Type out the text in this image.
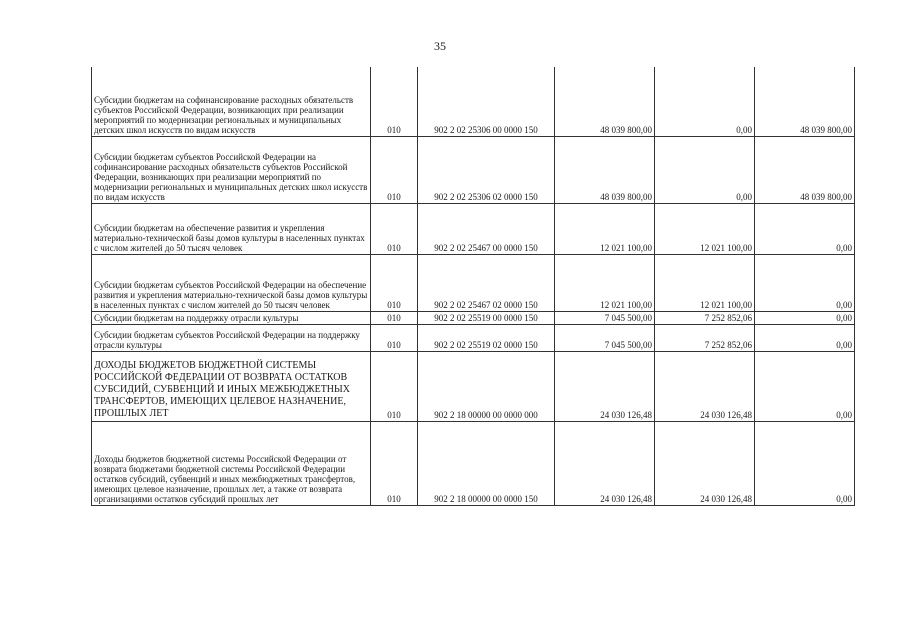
35
Субсидии бюджетам на софинансирование расходных обязательств субъектов Российской Федерации, возникающих при реализации мероприятий по модернизации региональных и муниципальных детских школ искусств по видам искусств	010	902 2 02 25306 00 0000 150	48 039 800,00	0,00	48 039 800,00
Субсидии бюджетам субъектов Российской Федерации на софинансирование расходных обязательств субъектов Российской Федерации, возникающих при реализации мероприятий по модернизации региональных и муниципальных детских школ искусств по видам искусств	010	902 2 02 25306 02 0000 150	48 039 800,00	0,00	48 039 800,00
Субсидии бюджетам на обеспечение развития и укрепления материально-технической базы домов культуры в населенных пунктах с числом жителей до 50 тысяч человек	010	902 2 02 25467 00 0000 150	12 021 100,00	12 021 100,00	0,00
Субсидии бюджетам субъектов Российской Федерации на обеспечение развития и укрепления материально-технической базы домов культуры в населенных пунктах с числом жителей до 50 тысяч человек	010	902 2 02 25467 02 0000 150	12 021 100,00	12 021 100,00	0,00
Субсидии бюджетам на поддержку отрасли культуры	010	902 2 02 25519 00 0000 150	7 045 500,00	7 252 852,06	0,00
Субсидии бюджетам субъектов Российской Федерации на поддержку отрасли культуры	010	902 2 02 25519 02 0000 150	7 045 500,00	7 252 852,06	0,00
ДОХОДЫ БЮДЖЕТОВ БЮДЖЕТНОЙ СИСТЕМЫ РОССИЙСКОЙ ФЕДЕРАЦИИ ОТ ВОЗВРАТА ОСТАТКОВ СУБСИДИЙ, СУБВЕНЦИЙ И ИНЫХ МЕЖБЮДЖЕТНЫХ ТРАНСФЕРТОВ, ИМЕЮЩИХ ЦЕЛЕВОЕ НАЗНАЧЕНИЕ, ПРОШЛЫХ ЛЕТ	010	902 2 18 00000 00 0000 000	24 030 126,48	24 030 126,48	0,00
Доходы бюджетов бюджетной системы Российской Федерации от возврата бюджетами бюджетной системы Российской Федерации остатков субсидий, субвенций и иных межбюджетных трансфертов, имеющих целевое назначение, прошлых лет, а также от возврата организациями остатков субсидий прошлых лет	010	902 2 18 00000 00 0000 150	24 030 126,48	24 030 126,48	0,00
